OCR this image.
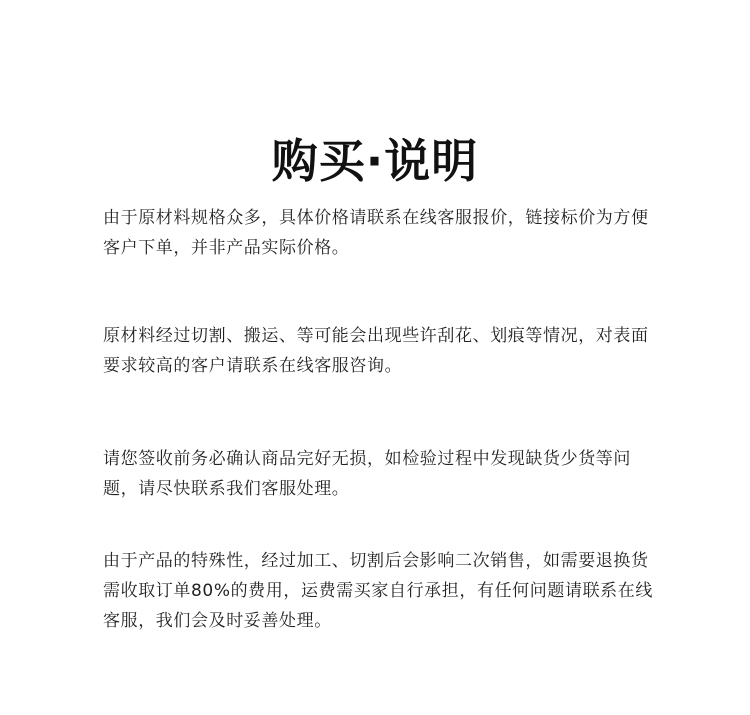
购买·说明

由于原材料规格众多，具体价格请联系在线客服报价，链接标价为方便客户下单，并非产品实际价格。

原材料经过切割、搬运、等可能会出现些许刮花、划痕等情况，对表面要求较高的客户请联系在线客服咨询。

请您签收前务必确认商品完好无损，如检验过程中发现缺货少货等问题，请尽快联系我们客服处理。

由于产品的特殊性，经过加工、切割后会影响二次销售，如需要退换货需收取订单80%的费用，运费需买家自行承担，有任何问题请联系在线客服，我们会及时妥善处理。
